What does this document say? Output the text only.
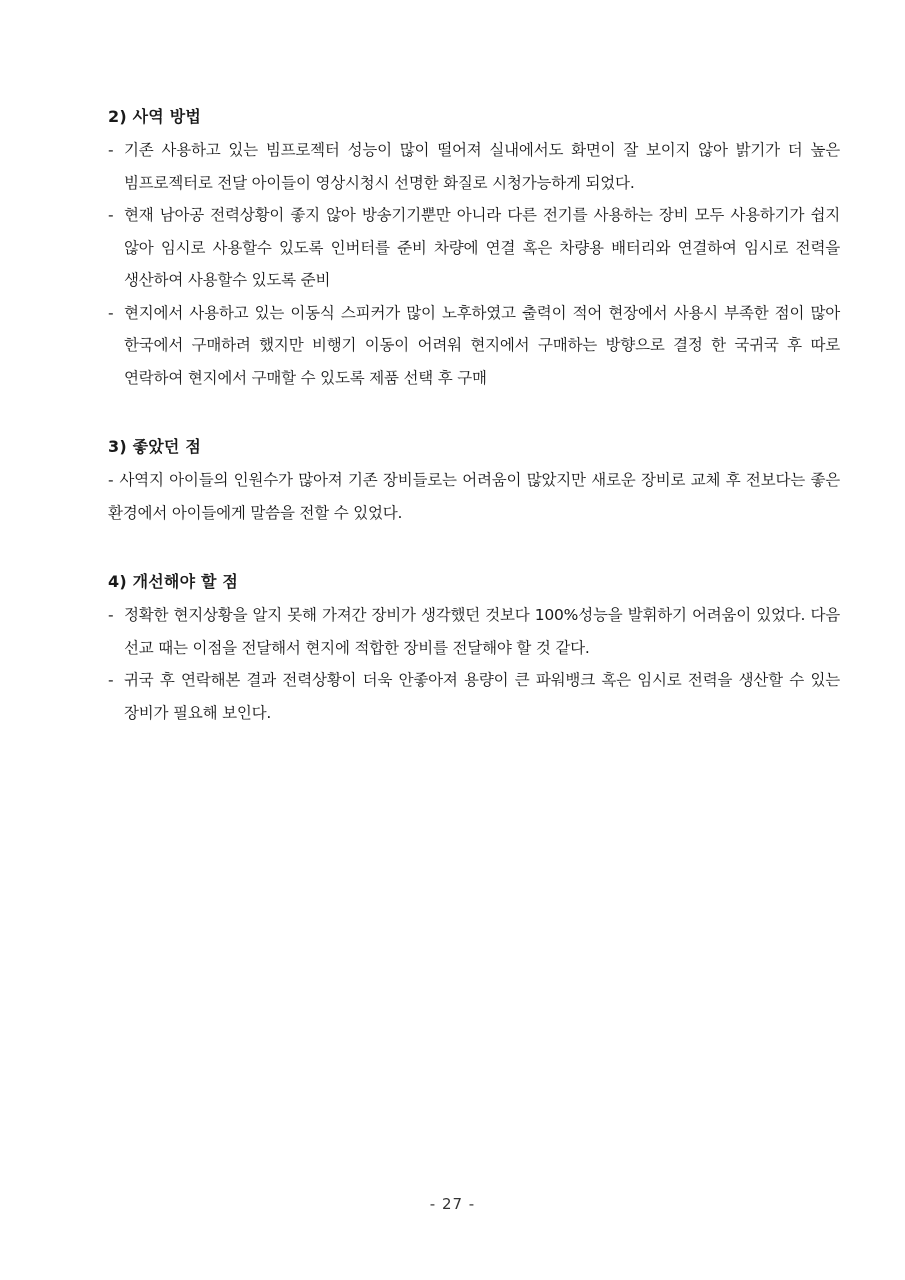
2) 사역 방법
- 기존 사용하고 있는 빔프로젝터 성능이 많이 떨어져 실내에서도 화면이 잘 보이지 않아 밝기가 더 높은 빔프로젝터로 전달 아이들이 영상시청시 선명한 화질로 시청가능하게 되었다.
- 현재 남아공 전력상황이 좋지 않아 방송기기뿐만 아니라 다른 전기를 사용하는 장비 모두 사용하기가 쉽지 않아 임시로 사용할수 있도록 인버터를 준비 차량에 연결 혹은 차량용 배터리와 연결하여 임시로 전력을 생산하여 사용할수 있도록 준비
- 현지에서 사용하고 있는 이동식 스피커가 많이 노후하였고 출력이 적어 현장에서 사용시 부족한 점이 많아 한국에서 구매하려 했지만 비행기 이동이 어려워 현지에서 구매하는 방향으로 결정 한 국귀국 후 따로 연락하여 현지에서 구매할 수 있도록 제품 선택 후 구매
3) 좋았던 점
- 사역지 아이들의 인원수가 많아져 기존 장비들로는 어려움이 많았지만 새로운 장비로 교체 후 전보다는 좋은 환경에서 아이들에게 말씀을 전할 수 있었다.
4) 개선해야 할 점
- 정확한 현지상황을 알지 못해 가져간 장비가 생각했던 것보다 100%성능을 발휘하기 어려움이 있었다. 다음 선교 때는 이점을 전달해서 현지에 적합한 장비를 전달해야 할 것 같다.
- 귀국 후 연락해본 결과 전력상황이 더욱 안좋아져 용량이 큰 파워뱅크 혹은 임시로 전력을 생산할 수 있는 장비가 필요해 보인다.
- 27 -
